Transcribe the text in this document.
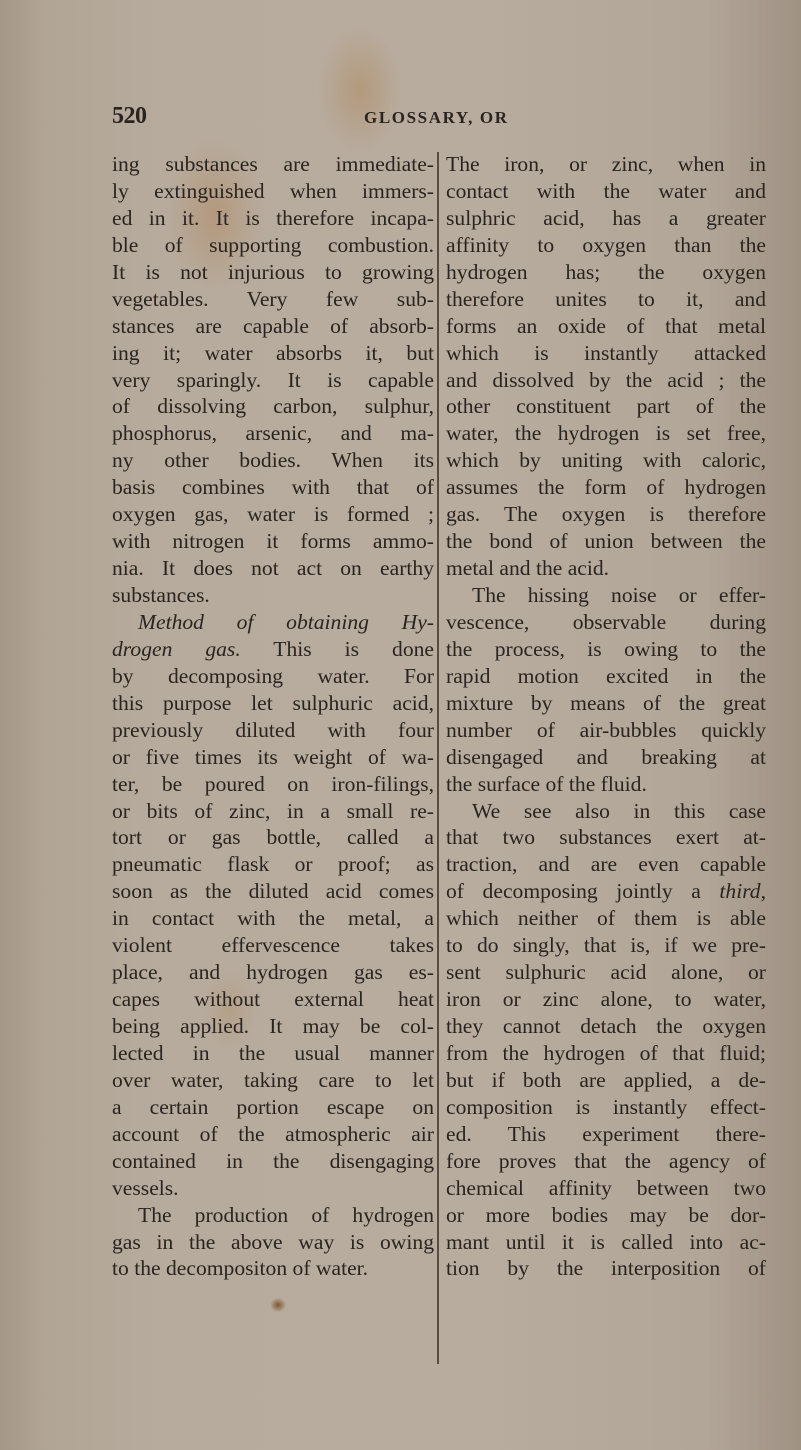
520	GLOSSARY, OR
ing substances are immediate-
ly extinguished when immers-
ed in it. It is therefore incapa-
ble of supporting combustion.
It is not injurious to growing
vegetables. Very few sub-
stances are capable of absorb-
ing it; water absorbs it, but
very sparingly. It is capable
of dissolving carbon, sulphur,
phosphorus, arsenic, and ma-
ny other bodies. When its
basis combines with that of
oxygen gas, water is formed ;
with nitrogen it forms ammo-
nia. It does not act on earthy
substances.
Method of obtaining Hy-
drogen gas. This is done
by decomposing water. For
this purpose let sulphuric acid,
previously diluted with four
or five times its weight of wa-
ter, be poured on iron-filings,
or bits of zinc, in a small re-
tort or gas bottle, called a
pneumatic flask or proof; as
soon as the diluted acid comes
in contact with the metal, a
violent effervescence takes
place, and hydrogen gas es-
capes without external heat
being applied. It may be col-
lected in the usual manner
over water, taking care to let
a certain portion escape on
account of the atmospheric air
contained in the disengaging
vessels.
The production of hydrogen
gas in the above way is owing
to the decompositon of water.
The iron, or zinc, when in
contact with the water and
sulphric acid, has a greater
affinity to oxygen than the
hydrogen has; the oxygen
therefore unites to it, and
forms an oxide of that metal
which is instantly attacked
and dissolved by the acid ; the
other constituent part of the
water, the hydrogen is set free,
which by uniting with caloric,
assumes the form of hydrogen
gas. The oxygen is therefore
the bond of union between the
metal and the acid.
The hissing noise or effer-
vescence, observable during
the process, is owing to the
rapid motion excited in the
mixture by means of the great
number of air-bubbles quickly
disengaged and breaking at
the surface of the fluid.
We see also in this case
that two substances exert at-
traction, and are even capable
of decomposing jointly a third,
which neither of them is able
to do singly, that is, if we pre-
sent sulphuric acid alone, or
iron or zinc alone, to water,
they cannot detach the oxygen
from the hydrogen of that fluid;
but if both are applied, a de-
composition is instantly effect-
ed. This experiment there-
fore proves that the agency of
chemical affinity between two
or more bodies may be dor-
mant until it is called into ac-
tion by the interposition of
